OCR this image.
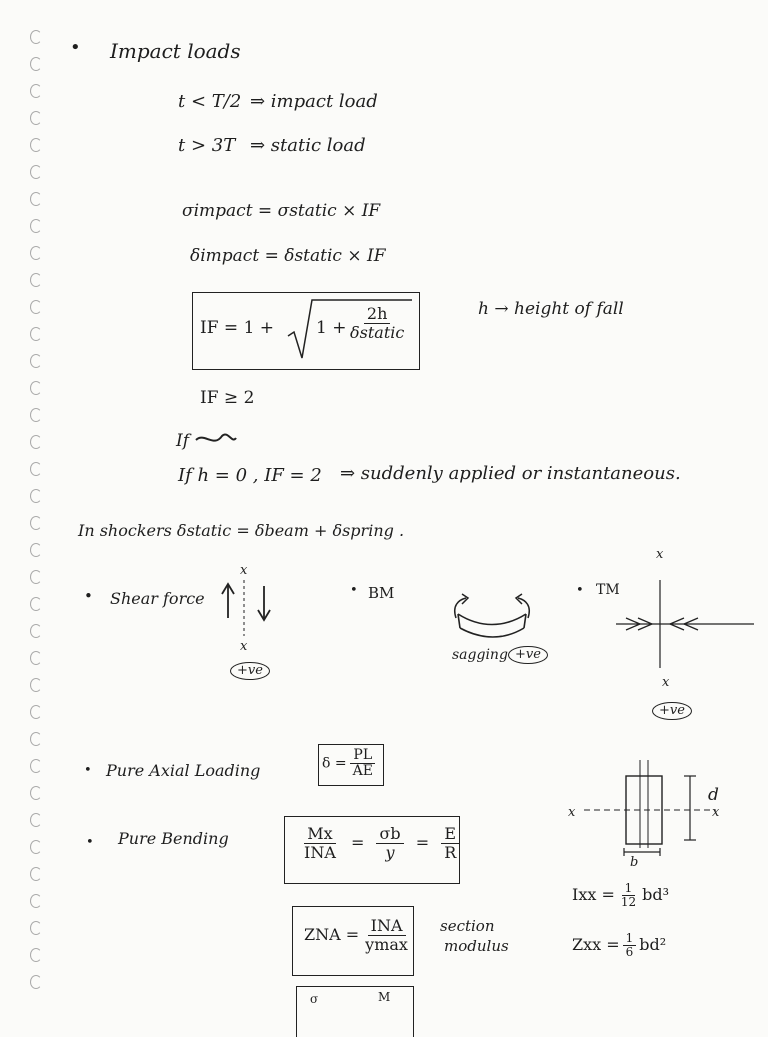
• Impact loads
t < T/2 ⇒ impact load
t > 3T ⇒ static load
σimpact = σstatic × IF
δimpact = δstatic × IF
IF = $1 + 1 + \frac{2h}{\text{δstatic}}$	h → height of fall
IF ≥ 2
If
If h = 0 , IF = 2 ⇒ suddenly applied or instantaneous.
In shockers δstatic = δbeam + δspring .
• Shear force
x
x
+ve
• BM
sagging +ve
• TM
x
x
+ve
• Pure Axial Loading	$\delta = \frac{PL}{AE}$
• Pure Bending	$\frac{Mx}{\text{INA}} = \frac{\sigma b}{y} = \frac{E}{R}$
x	x
d
b
Ixx = $\frac{1}{12} bd^3$
Zxx = $\frac{1}{6} bd^2$
ZNA = $\frac{\text{INA}}{ymax}$ section
modulus
σ	M
